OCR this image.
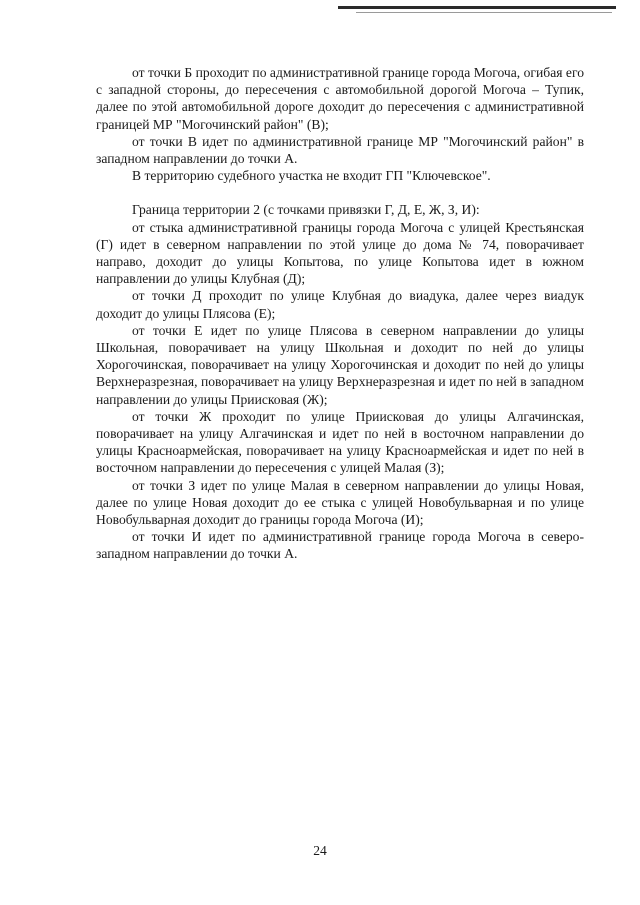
от точки Б проходит по административной границе города Могоча, огибая его с западной стороны, до пересечения с автомобильной дорогой Могоча – Тупик, далее по этой автомобильной дороге доходит до пересечения с административной границей МР "Могочинский район" (В);

от точки В идет по административной границе МР "Могочинский район" в западном направлении до точки А.

В территорию судебного участка не входит ГП "Ключевское".

Граница территории 2 (с точками привязки Г, Д, Е, Ж, З, И):

от стыка административной границы города Могоча с улицей Крестьянская (Г) идет в северном направлении по этой улице до дома № 74, поворачивает направо, доходит до улицы Копытова, по улице Копытова идет в южном направлении до улицы Клубная (Д);

от точки Д проходит по улице Клубная до виадука, далее через виадук доходит до улицы Плясова (Е);

от точки Е идет по улице Плясова в северном направлении до улицы Школьная, поворачивает на улицу Школьная и доходит по ней до улицы Хорогочинская, поворачивает на улицу Хорогочинская и доходит по ней до улицы Верхнеразрезная, поворачивает на улицу Верхнеразрезная и идет по ней в западном направлении до улицы Приисковая (Ж);

от точки Ж проходит по улице Приисковая до улицы Алгачинская, поворачивает на улицу Алгачинская и идет по ней в восточном направлении до улицы Красноармейская, поворачивает на улицу Красноармейская и идет по ней в восточном направлении до пересечения с улицей Малая (З);

от точки З идет по улице Малая в северном направлении до улицы Новая, далее по улице Новая доходит до ее стыка с улицей Новобульварная и по улице Новобульварная доходит до границы города Могоча (И);

от точки И идет по административной границе города Могоча в северо-западном направлении до точки А.

24
